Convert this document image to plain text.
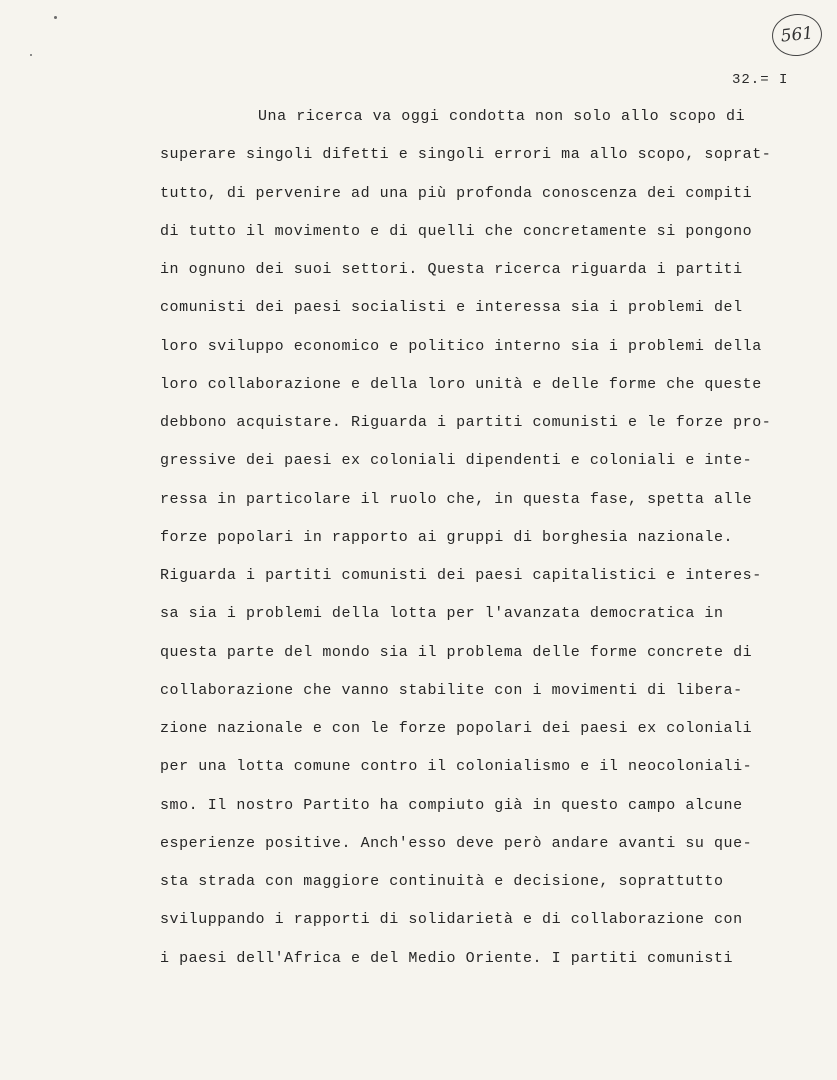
561
32.= I
Una ricerca va oggi condotta non solo allo scopo di
superare singoli difetti e singoli errori ma allo scopo, soprat-
tutto, di pervenire ad una più profonda conoscenza dei compiti
di tutto il movimento e di quelli che concretamente si pongono
in ognuno dei suoi settori. Questa ricerca riguarda i partiti
comunisti dei paesi socialisti e interessa sia i problemi del
loro sviluppo economico e politico interno sia i problemi della
loro collaborazione e della loro unità e delle forme che queste
debbono acquistare. Riguarda i partiti comunisti e le forze pro-
gressive dei paesi ex coloniali dipendenti e coloniali e inte-
ressa in particolare il ruolo che, in questa fase, spetta alle
forze popolari in rapporto ai gruppi di borghesia nazionale.
Riguarda i partiti comunisti dei paesi capitalistici e interes-
sa sia i problemi della lotta per l'avanzata democratica in
questa parte del mondo sia il problema delle forme concrete di
collaborazione che vanno stabilite con i movimenti di libera-
zione nazionale e con le forze popolari dei paesi ex coloniali
per una lotta comune contro il colonialismo e il neocoloniali-
smo. Il nostro Partito ha compiuto già in questo campo alcune
esperienze positive. Anch'esso deve però andare avanti su que-
sta strada con maggiore continuità e decisione, soprattutto
sviluppando i rapporti di solidarietà e di collaborazione con
i paesi dell'Africa e del Medio Oriente. I partiti comunisti
